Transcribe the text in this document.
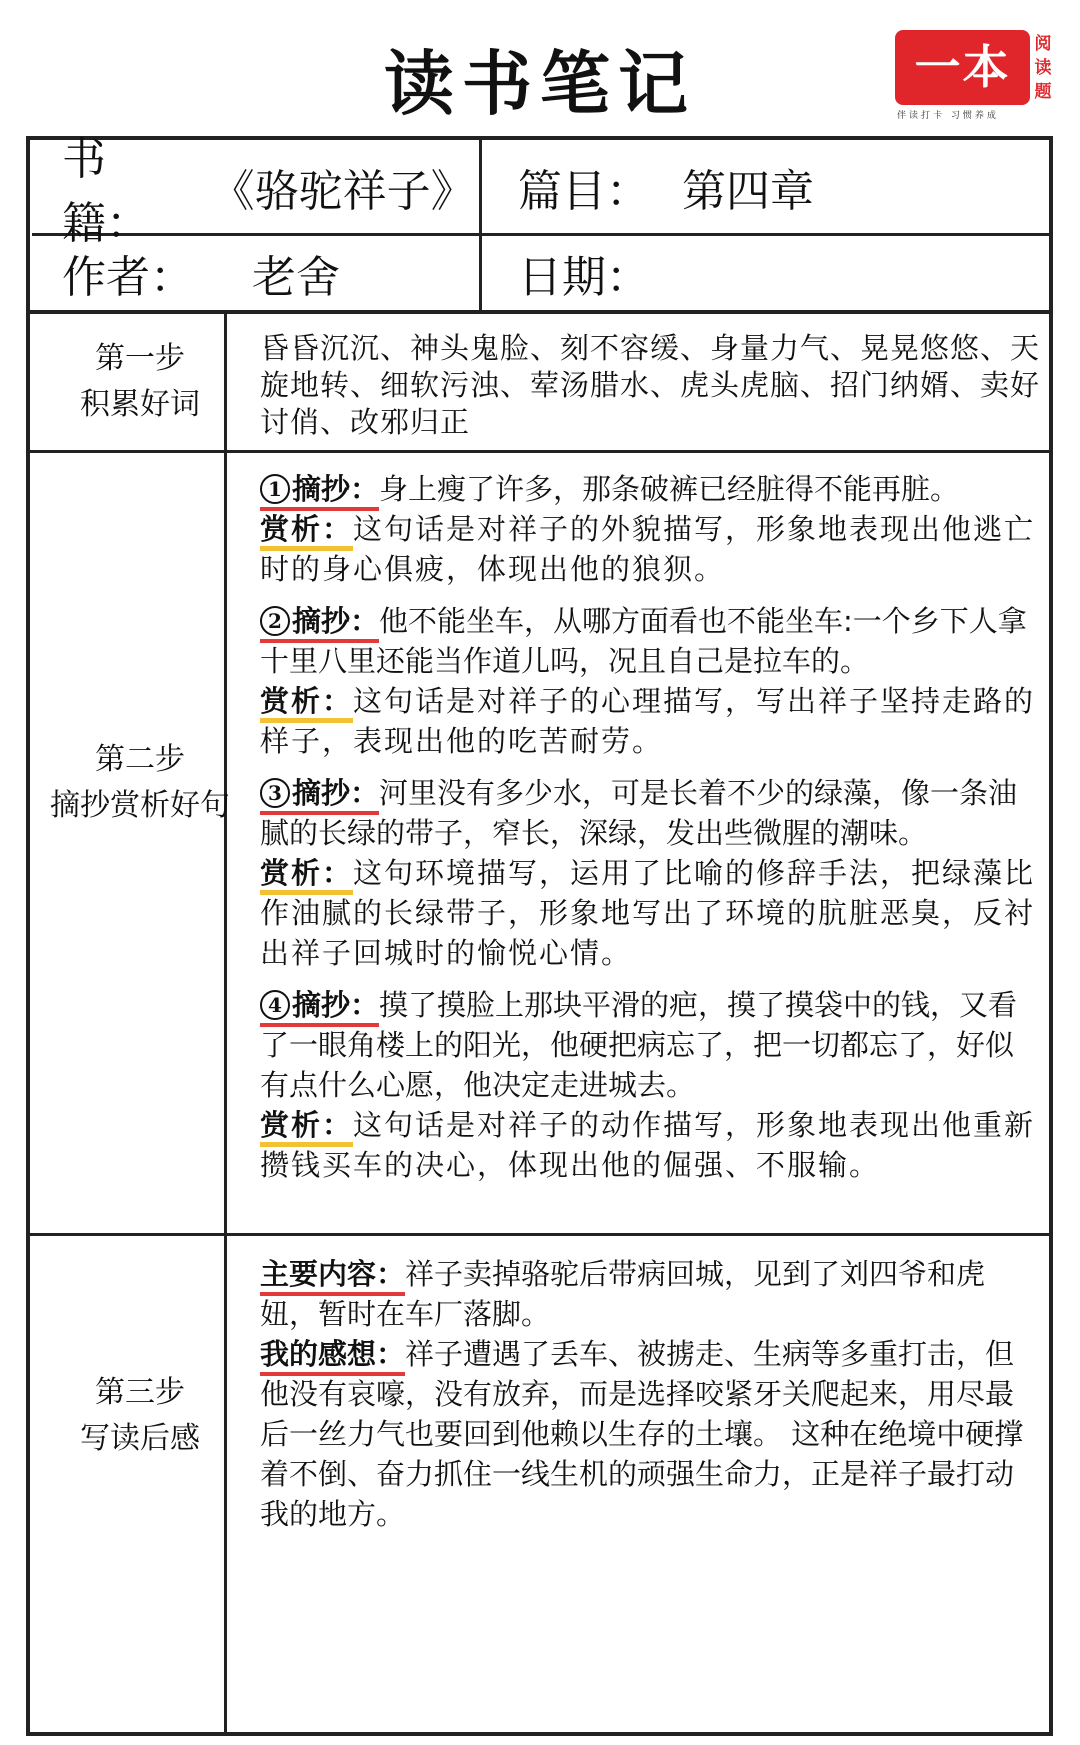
读书笔记	一本	阅
读
题
伴读打卡 习惯养成
书籍：
《骆驼祥子》 篇目： 第四章
作者： 老舍	日期：
第一步
积累好词

昏昏沉沉、神头鬼脸、刻不容缓、身量力气、晃晃悠悠、天旋地转、细软污浊、荤汤腊水、虎头虎脑、招门纳婿、卖好讨俏、改邪归正

第二步
摘抄赏析好句

1 摘抄：身上瘦了许多，那条破裤已经脏得不能再脏。

赏析：这句话是对祥子的外貌描写，形象地表现出他逃亡时的身心俱疲，体现出他的狼狈。

2 摘抄：他不能坐车，从哪方面看也不能坐车:一个乡下人拿十里八里还能当作道儿吗，况且自己是拉车的。

赏析：这句话是对祥子的心理描写，写出祥子坚持走路的样子，表现出他的吃苦耐劳。

3 摘抄：河里没有多少水，可是长着不少的绿藻，像一条油腻的长绿的带子，窄长，深绿，发出些微腥的潮味。

赏析：这句环境描写，运用了比喻的修辞手法，把绿藻比作油腻的长绿带子，形象地写出了环境的肮脏恶臭，反衬出祥子回城时的愉悦心情。

4 摘抄：摸了摸脸上那块平滑的疤，摸了摸袋中的钱，又看了一眼角楼上的阳光，他硬把病忘了，把一切都忘了，好似有点什么心愿，他决定走进城去。

赏析：这句话是对祥子的动作描写，形象地表现出他重新攒钱买车的决心，体现出他的倔强、不服输。

第三步
写读后感

主要内容：祥子卖掉骆驼后带病回城，见到了刘四爷和虎妞，暂时在车厂落脚。

我的感想：祥子遭遇了丢车、被掳走、生病等多重打击，但他没有哀嚎，没有放弃，而是选择咬紧牙关爬起来，用尽最后一丝力气也要回到他赖以生存的土壤。 这种在绝境中硬撑着不倒、奋力抓住一线生机的顽强生命力，正是祥子最打动我的地方。
